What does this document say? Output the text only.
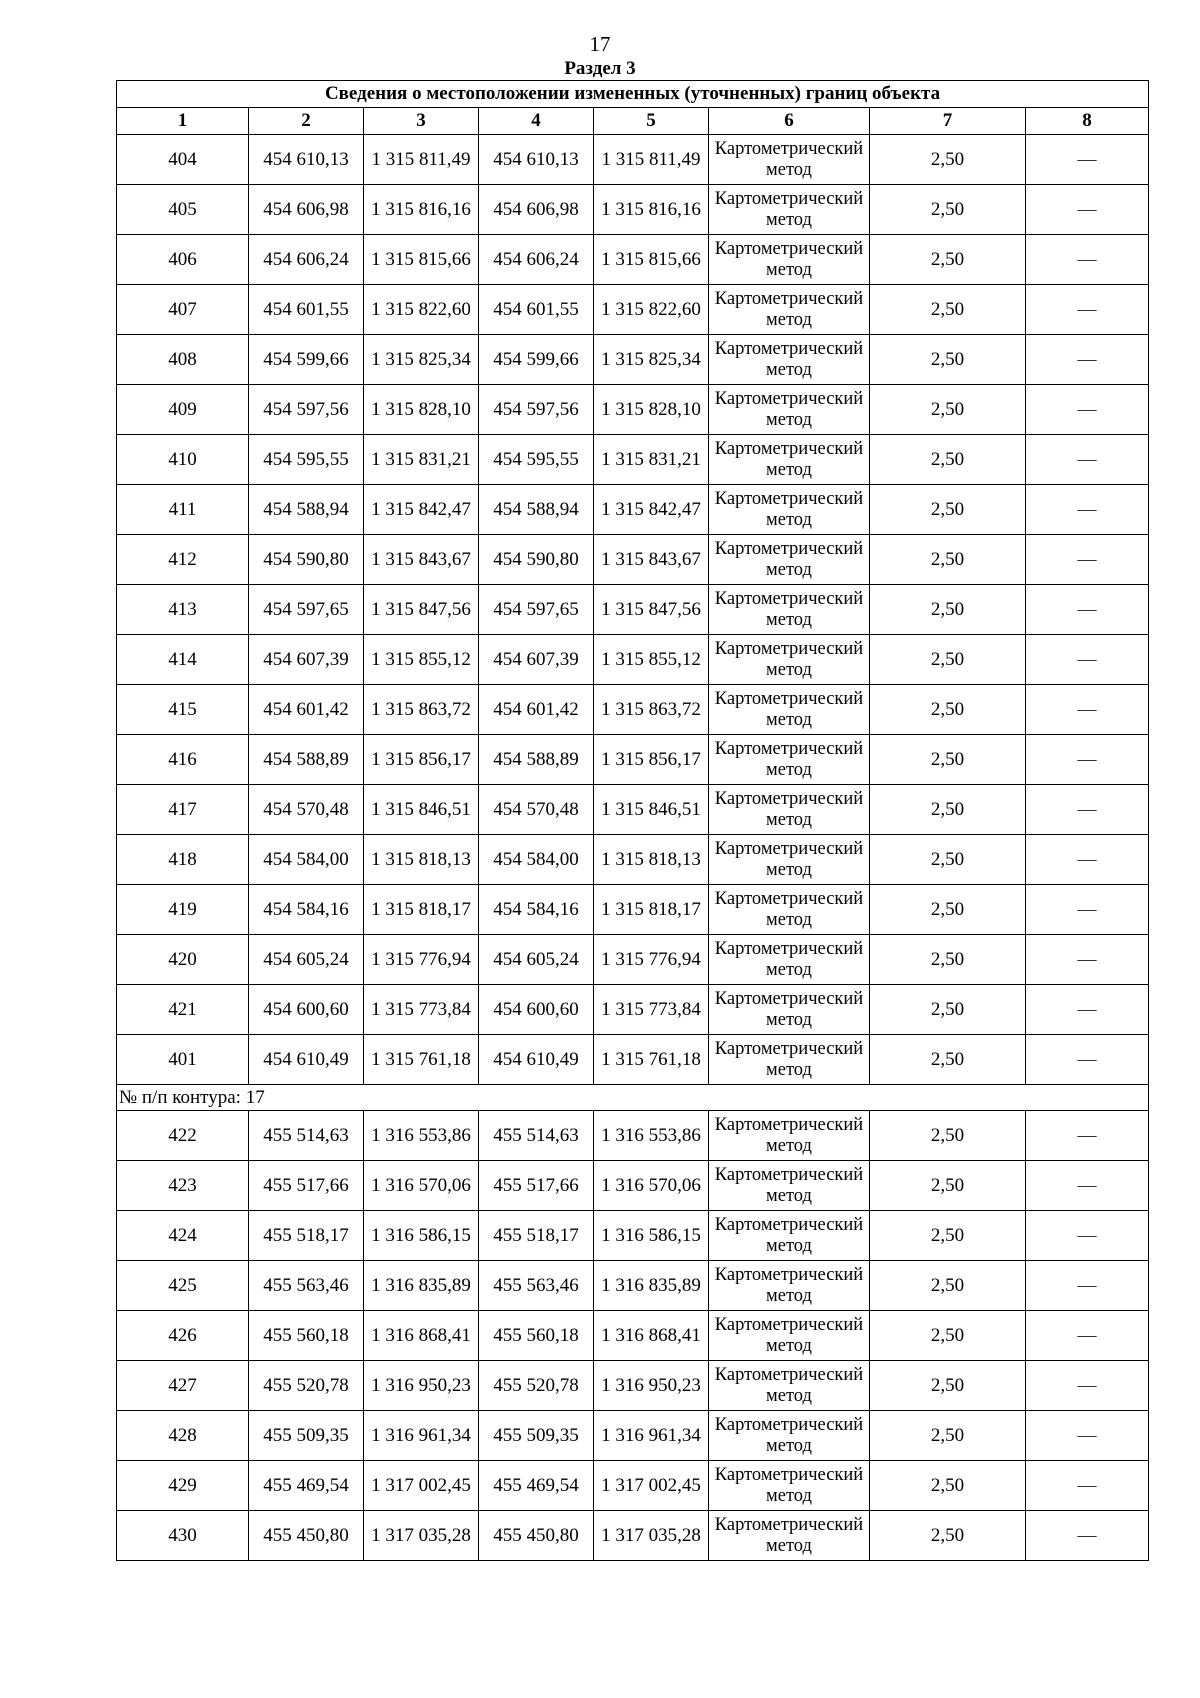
17
Раздел 3
Сведения о местоположении измененных (уточненных) границ объекта							
1	2	3	4	5	6	7	8
404	454 610,13	1 315 811,49	454 610,13	1 315 811,49	Картометрический метод	2,50	—
405	454 606,98	1 315 816,16	454 606,98	1 315 816,16	Картометрический метод	2,50	—
406	454 606,24	1 315 815,66	454 606,24	1 315 815,66	Картометрический метод	2,50	—
407	454 601,55	1 315 822,60	454 601,55	1 315 822,60	Картометрический метод	2,50	—
408	454 599,66	1 315 825,34	454 599,66	1 315 825,34	Картометрический метод	2,50	—
409	454 597,56	1 315 828,10	454 597,56	1 315 828,10	Картометрический метод	2,50	—
410	454 595,55	1 315 831,21	454 595,55	1 315 831,21	Картометрический метод	2,50	—
411	454 588,94	1 315 842,47	454 588,94	1 315 842,47	Картометрический метод	2,50	—
412	454 590,80	1 315 843,67	454 590,80	1 315 843,67	Картометрический метод	2,50	—
413	454 597,65	1 315 847,56	454 597,65	1 315 847,56	Картометрический метод	2,50	—
414	454 607,39	1 315 855,12	454 607,39	1 315 855,12	Картометрический метод	2,50	—
415	454 601,42	1 315 863,72	454 601,42	1 315 863,72	Картометрический метод	2,50	—
416	454 588,89	1 315 856,17	454 588,89	1 315 856,17	Картометрический метод	2,50	—
417	454 570,48	1 315 846,51	454 570,48	1 315 846,51	Картометрический метод	2,50	—
418	454 584,00	1 315 818,13	454 584,00	1 315 818,13	Картометрический метод	2,50	—
419	454 584,16	1 315 818,17	454 584,16	1 315 818,17	Картометрический метод	2,50	—
420	454 605,24	1 315 776,94	454 605,24	1 315 776,94	Картометрический метод	2,50	—
421	454 600,60	1 315 773,84	454 600,60	1 315 773,84	Картометрический метод	2,50	—
401	454 610,49	1 315 761,18	454 610,49	1 315 761,18	Картометрический метод	2,50	—
№ п/п контура: 17							
422	455 514,63	1 316 553,86	455 514,63	1 316 553,86	Картометрический метод	2,50	—
423	455 517,66	1 316 570,06	455 517,66	1 316 570,06	Картометрический метод	2,50	—
424	455 518,17	1 316 586,15	455 518,17	1 316 586,15	Картометрический метод	2,50	—
425	455 563,46	1 316 835,89	455 563,46	1 316 835,89	Картометрический метод	2,50	—
426	455 560,18	1 316 868,41	455 560,18	1 316 868,41	Картометрический метод	2,50	—
427	455 520,78	1 316 950,23	455 520,78	1 316 950,23	Картометрический метод	2,50	—
428	455 509,35	1 316 961,34	455 509,35	1 316 961,34	Картометрический метод	2,50	—
429	455 469,54	1 317 002,45	455 469,54	1 317 002,45	Картометрический метод	2,50	—
430	455 450,80	1 317 035,28	455 450,80	1 317 035,28	Картометрический метод	2,50	—
